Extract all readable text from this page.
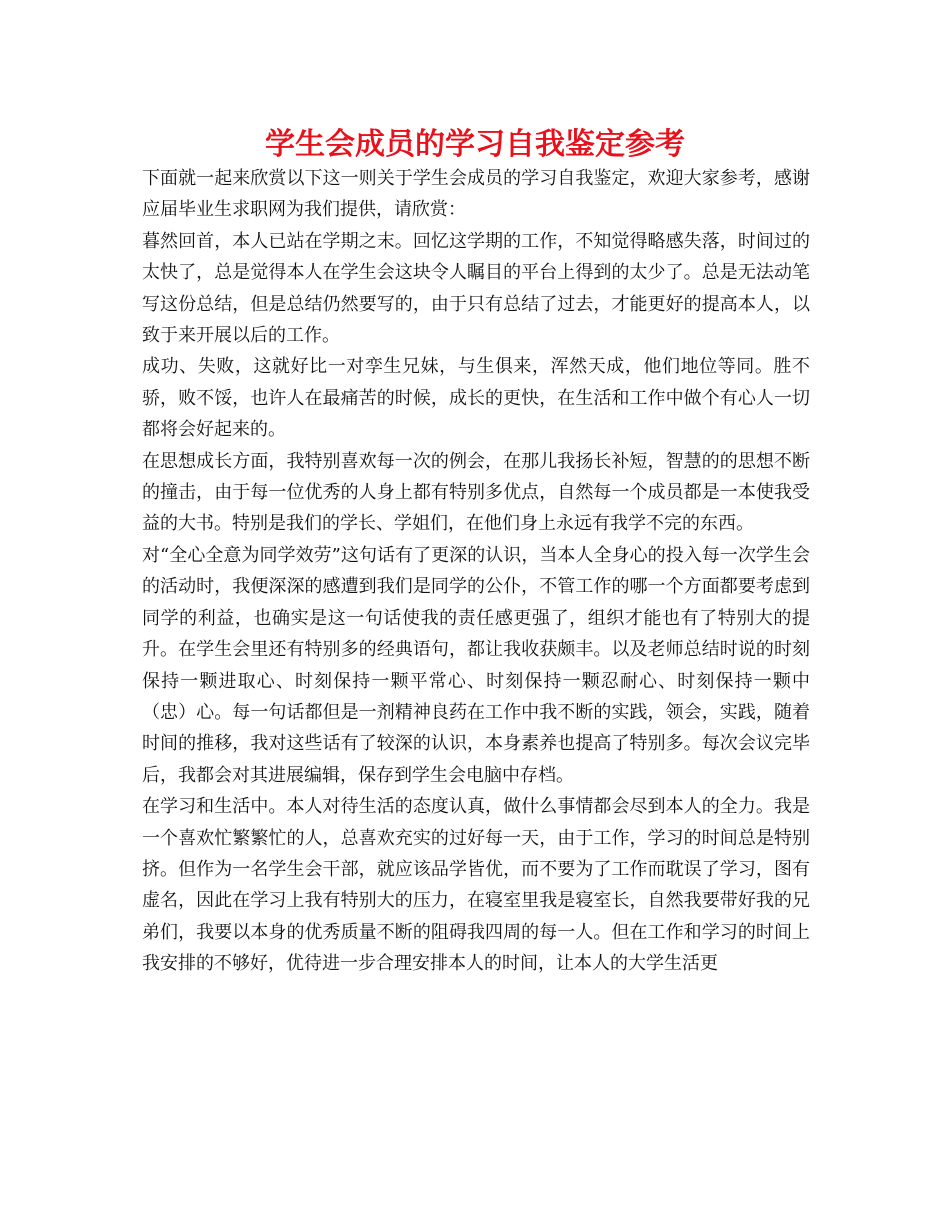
学生会成员的学习自我鉴定参考

下面就一起来欣赏以下这一则关于学生会成员的学习自我鉴定，欢迎大家参考，感谢应届毕业生求职网为我们提供，请欣赏：

暮然回首，本人已站在学期之末。回忆这学期的工作，不知觉得略感失落，时间过的太快了，总是觉得本人在学生会这块令人瞩目的平台上得到的太少了。总是无法动笔写这份总结，但是总结仍然要写的，由于只有总结了过去，才能更好的提高本人，以致于来开展以后的工作。

成功、失败，这就好比一对孪生兄妹，与生俱来，浑然天成，他们地位等同。胜不骄，败不馁，也许人在最痛苦的时候，成长的更快，在生活和工作中做个有心人一切都将会好起来的。

在思想成长方面，我特别喜欢每一次的例会，在那儿我扬长补短，智慧的的思想不断的撞击，由于每一位优秀的人身上都有特别多优点，自然每一个成员都是一本使我受益的大书。特别是我们的学长、学姐们，在他们身上永远有我学不完的东西。

对“全心全意为同学效劳”这句话有了更深的认识，当本人全身心的投入每一次学生会的活动时，我便深深的感遭到我们是同学的公仆，不管工作的哪一个方面都要考虑到同学的利益，也确实是这一句话使我的责任感更强了，组织才能也有了特别大的提升。在学生会里还有特别多的经典语句，都让我收获颇丰。以及老师总结时说的时刻保持一颗进取心、时刻保持一颗平常心、时刻保持一颗忍耐心、时刻保持一颗中（忠）心。每一句话都但是一剂精神良药在工作中我不断的实践，领会，实践，随着时间的推移，我对这些话有了较深的认识，本身素养也提高了特别多。每次会议完毕后，我都会对其进展编辑，保存到学生会电脑中存档。

在学习和生活中。本人对待生活的态度认真，做什么事情都会尽到本人的全力。我是一个喜欢忙繁繁忙的人，总喜欢充实的过好每一天，由于工作，学习的时间总是特别挤。但作为一名学生会干部，就应该品学皆优，而不要为了工作而耽误了学习，图有虚名，因此在学习上我有特别大的压力，在寝室里我是寝室长，自然我要带好我的兄弟们，我要以本身的优秀质量不断的阻碍我四周的每一人。但在工作和学习的时间上我安排的不够好，优待进一步合理安排本人的时间，让本人的大学生活更
